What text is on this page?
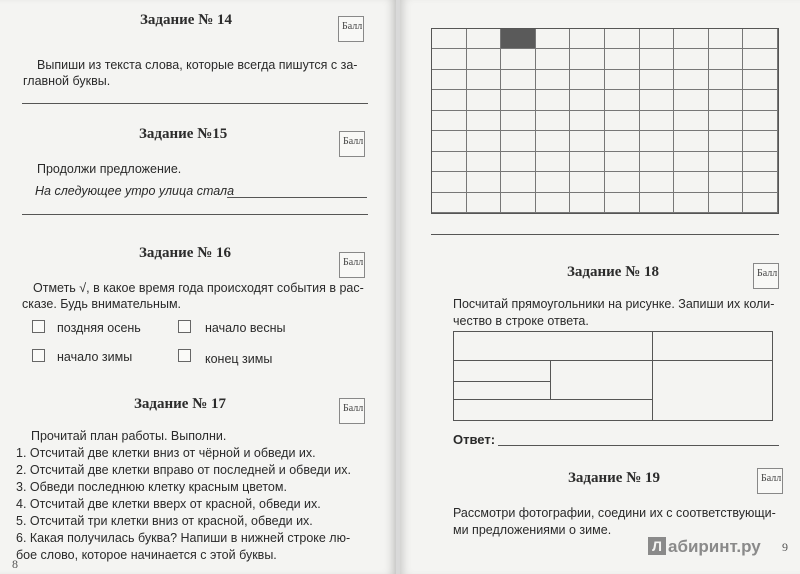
Задание № 14	Балл
Выпиши из текста слова, которые всегда пишутся с за-
главной буквы.
Задание №15	Балл
Продолжи предложение.
На следующее утро улица стала
Задание № 16
Балл
Отметь √, в какое время года происходят события в рас-
сказе. Будь внимательным.
поздняя осень	начало весны
начало зимы	конец зимы
Задание № 17	Балл
Прочитай план работы. Выполни.
1. Отсчитай две клетки вниз от чёрной и обведи их.
2. Отсчитай две клетки вправо от последней и обведи их.
3. Обведи последнюю клетку красным цветом.
4. Отсчитай две клетки вверх от красной, обведи их.
5. Отсчитай три клетки вниз от красной, обведи их.
6. Какая получилась буква? Напиши в нижней строке лю-
бое слово, которое начинается с этой буквы.
8
Задание № 18	Балл
Посчитай прямоугольники на рисунке. Запиши их коли-
чество в строке ответа.
Ответ:
Задание № 19	Балл
Рассмотри фотографии, соедини их с соответствующи-
ми предложениями о зиме.
9
Л абиринт.ру
